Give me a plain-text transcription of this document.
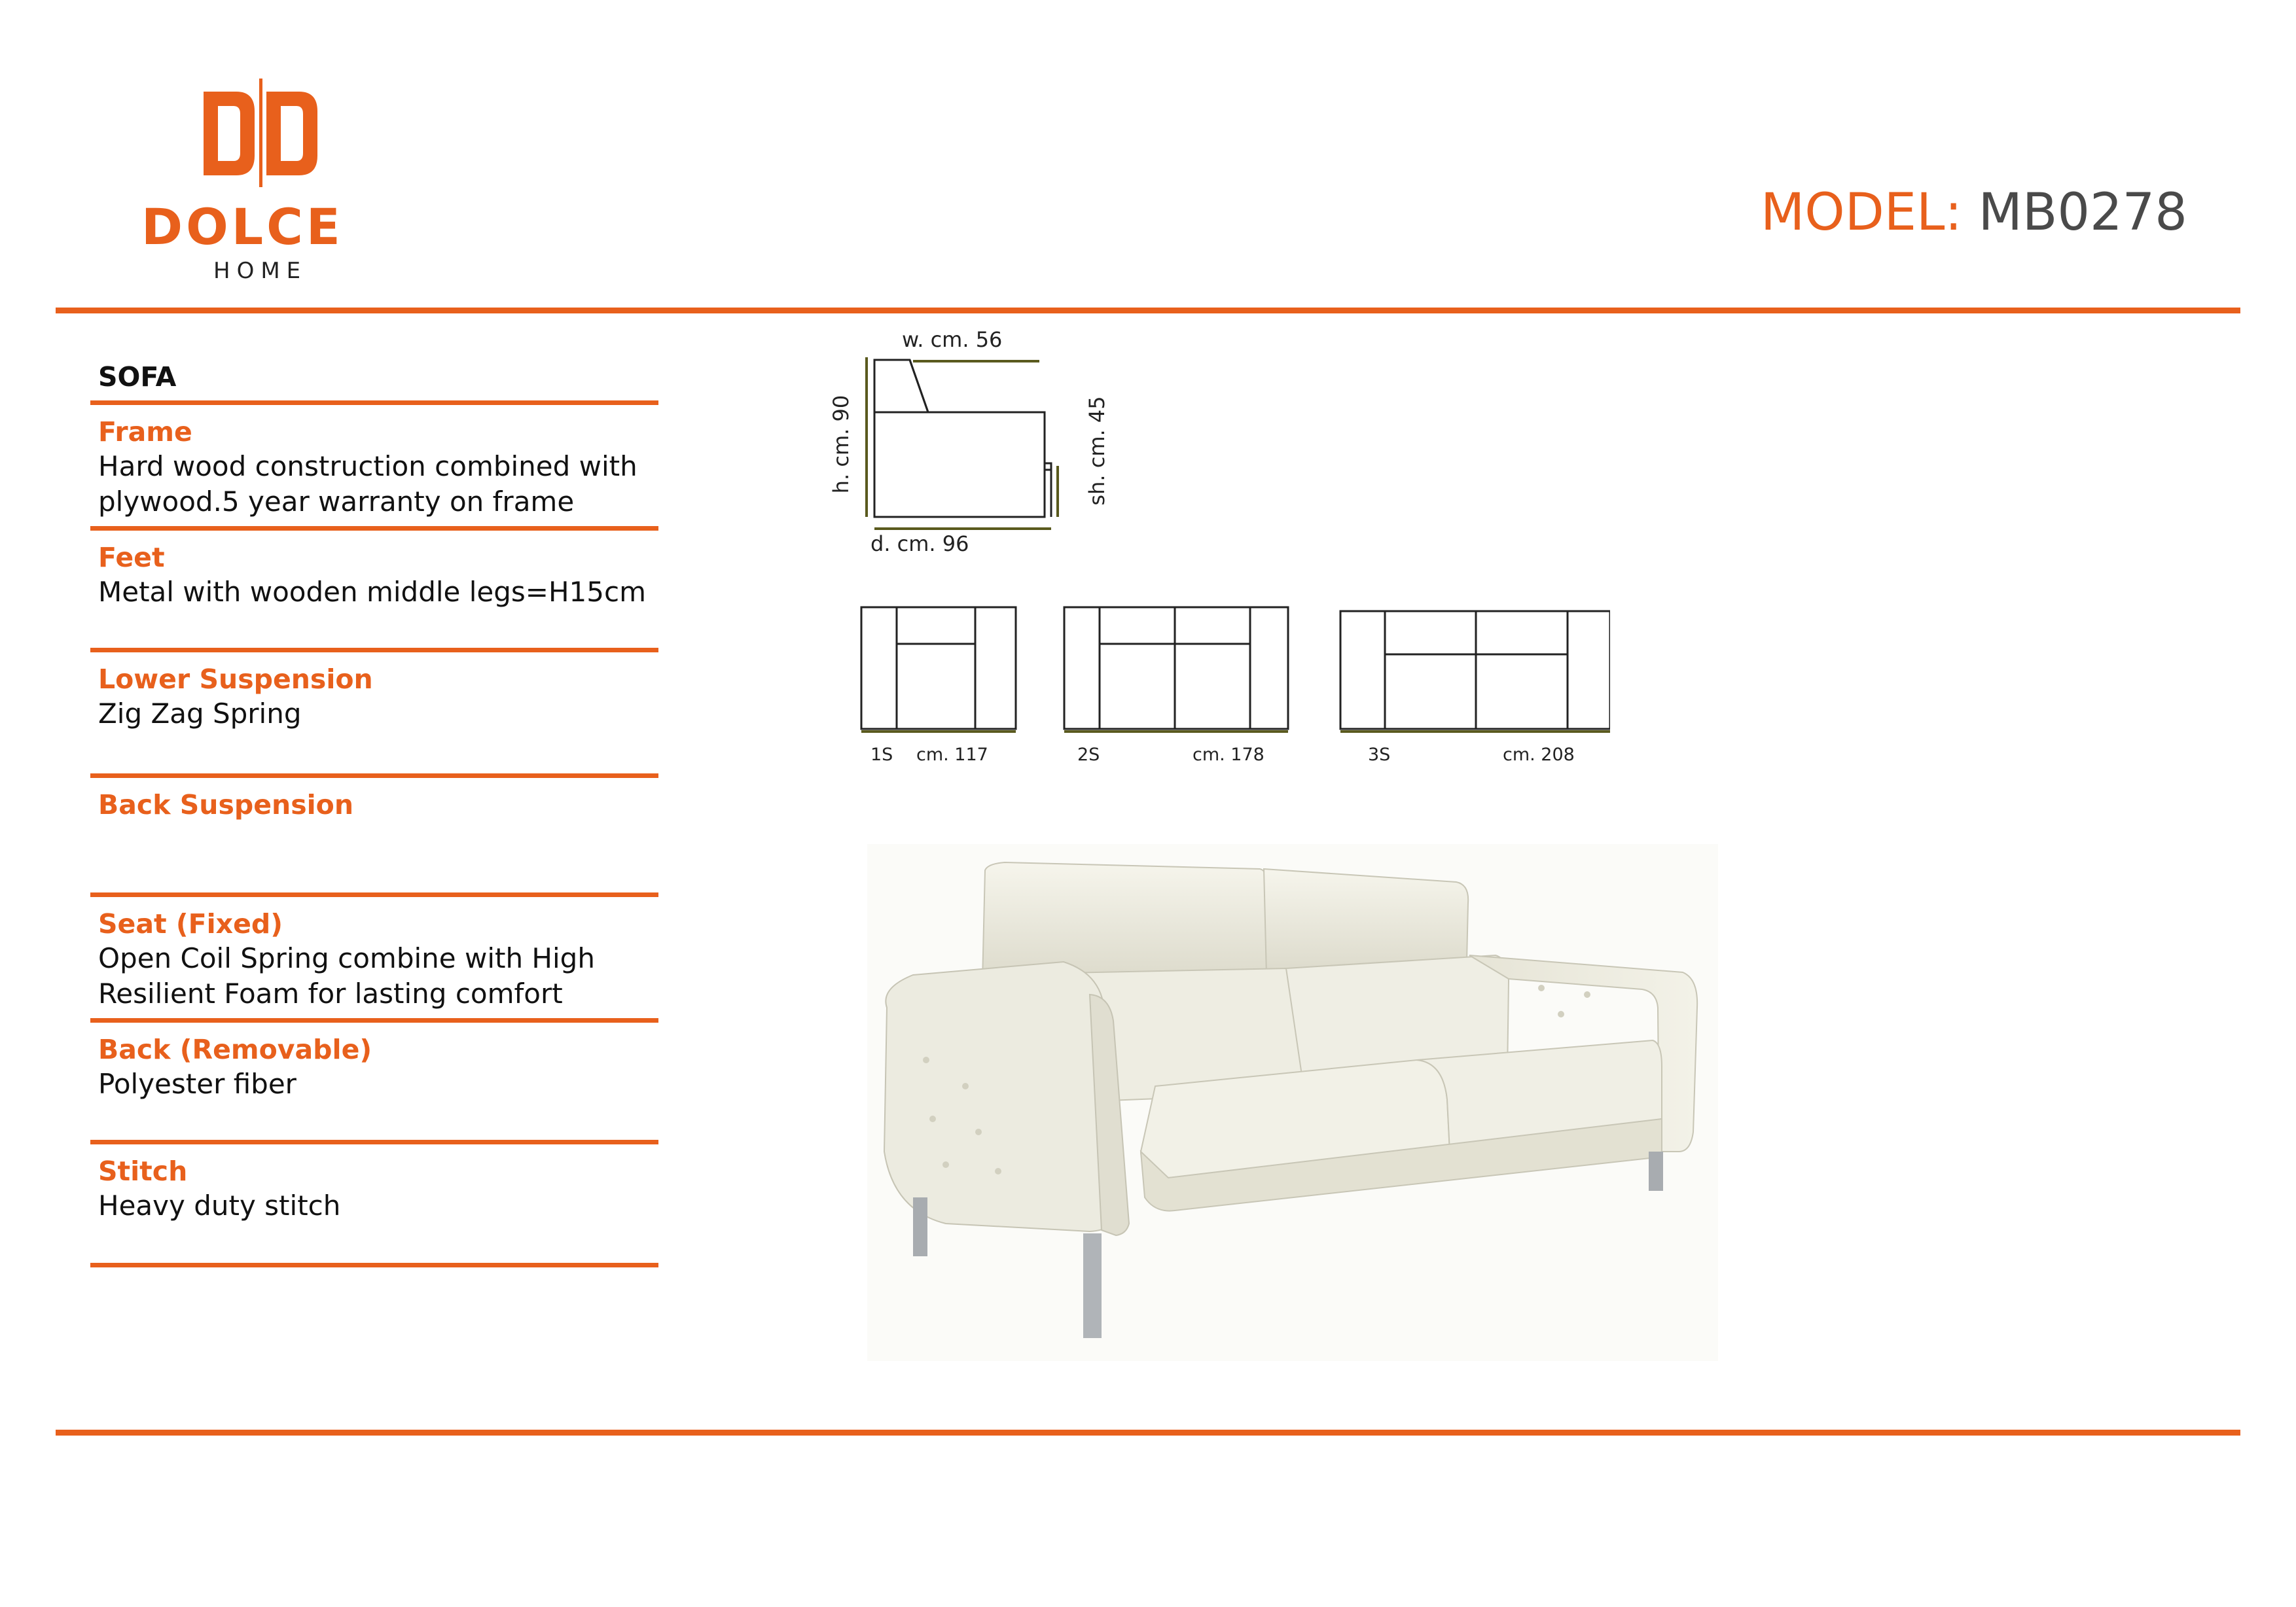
DOLCE
HOME
MODEL: MB0278
SOFA
Frame
Hard wood construction combined with plywood.5 year warranty on frame
Feet
Metal with wooden middle legs=H15cm
Lower Suspension
Zig Zag Spring
Back Suspension
Seat (Fixed)
Open Coil Spring combine with High Resilient Foam for lasting comfort
Back (Removable)
Polyester fiber
Stitch
Heavy duty stitch
w. cm. 56
h. cm. 90	sh. cm. 45
d. cm. 96
1S cm. 117	2S	cm. 178	3S	cm. 208
